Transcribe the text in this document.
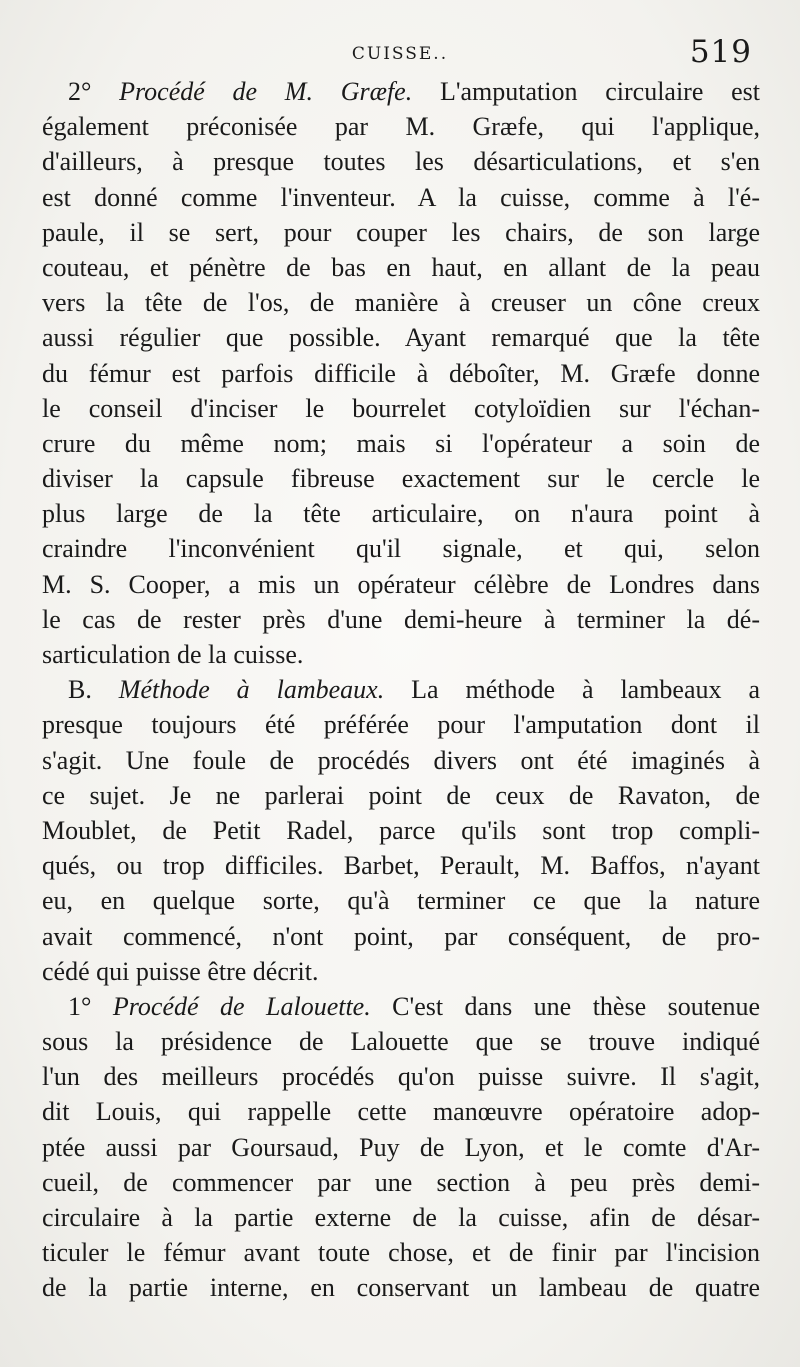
CUISSE..	519
2° Procédé de M. Græfe. L'amputation circulaire est
également préconisée par M. Græfe, qui l'applique,
d'ailleurs, à presque toutes les désarticulations, et s'en
est donné comme l'inventeur. A la cuisse, comme à l'é-
paule, il se sert, pour couper les chairs, de son large
couteau, et pénètre de bas en haut, en allant de la peau
vers la tête de l'os, de manière à creuser un cône creux
aussi régulier que possible. Ayant remarqué que la tête
du fémur est parfois difficile à déboîter, M. Græfe donne
le conseil d'inciser le bourrelet cotyloïdien sur l'échan-
crure du même nom; mais si l'opérateur a soin de
diviser la capsule fibreuse exactement sur le cercle le
plus large de la tête articulaire, on n'aura point à
craindre l'inconvénient qu'il signale, et qui, selon
M. S. Cooper, a mis un opérateur célèbre de Londres dans
le cas de rester près d'une demi-heure à terminer la dé-
sarticulation de la cuisse.
B. Méthode à lambeaux. La méthode à lambeaux a
presque toujours été préférée pour l'amputation dont il
s'agit. Une foule de procédés divers ont été imaginés à
ce sujet. Je ne parlerai point de ceux de Ravaton, de
Moublet, de Petit Radel, parce qu'ils sont trop compli-
qués, ou trop difficiles. Barbet, Perault, M. Baffos, n'ayant
eu, en quelque sorte, qu'à terminer ce que la nature
avait commencé, n'ont point, par conséquent, de pro-
cédé qui puisse être décrit.
1° Procédé de Lalouette. C'est dans une thèse soutenue
sous la présidence de Lalouette que se trouve indiqué
l'un des meilleurs procédés qu'on puisse suivre. Il s'agit,
dit Louis, qui rappelle cette manœuvre opératoire adop-
ptée aussi par Goursaud, Puy de Lyon, et le comte d'Ar-
cueil, de commencer par une section à peu près demi-
circulaire à la partie externe de la cuisse, afin de désar-
ticuler le fémur avant toute chose, et de finir par l'incision
de la partie interne, en conservant un lambeau de quatre
